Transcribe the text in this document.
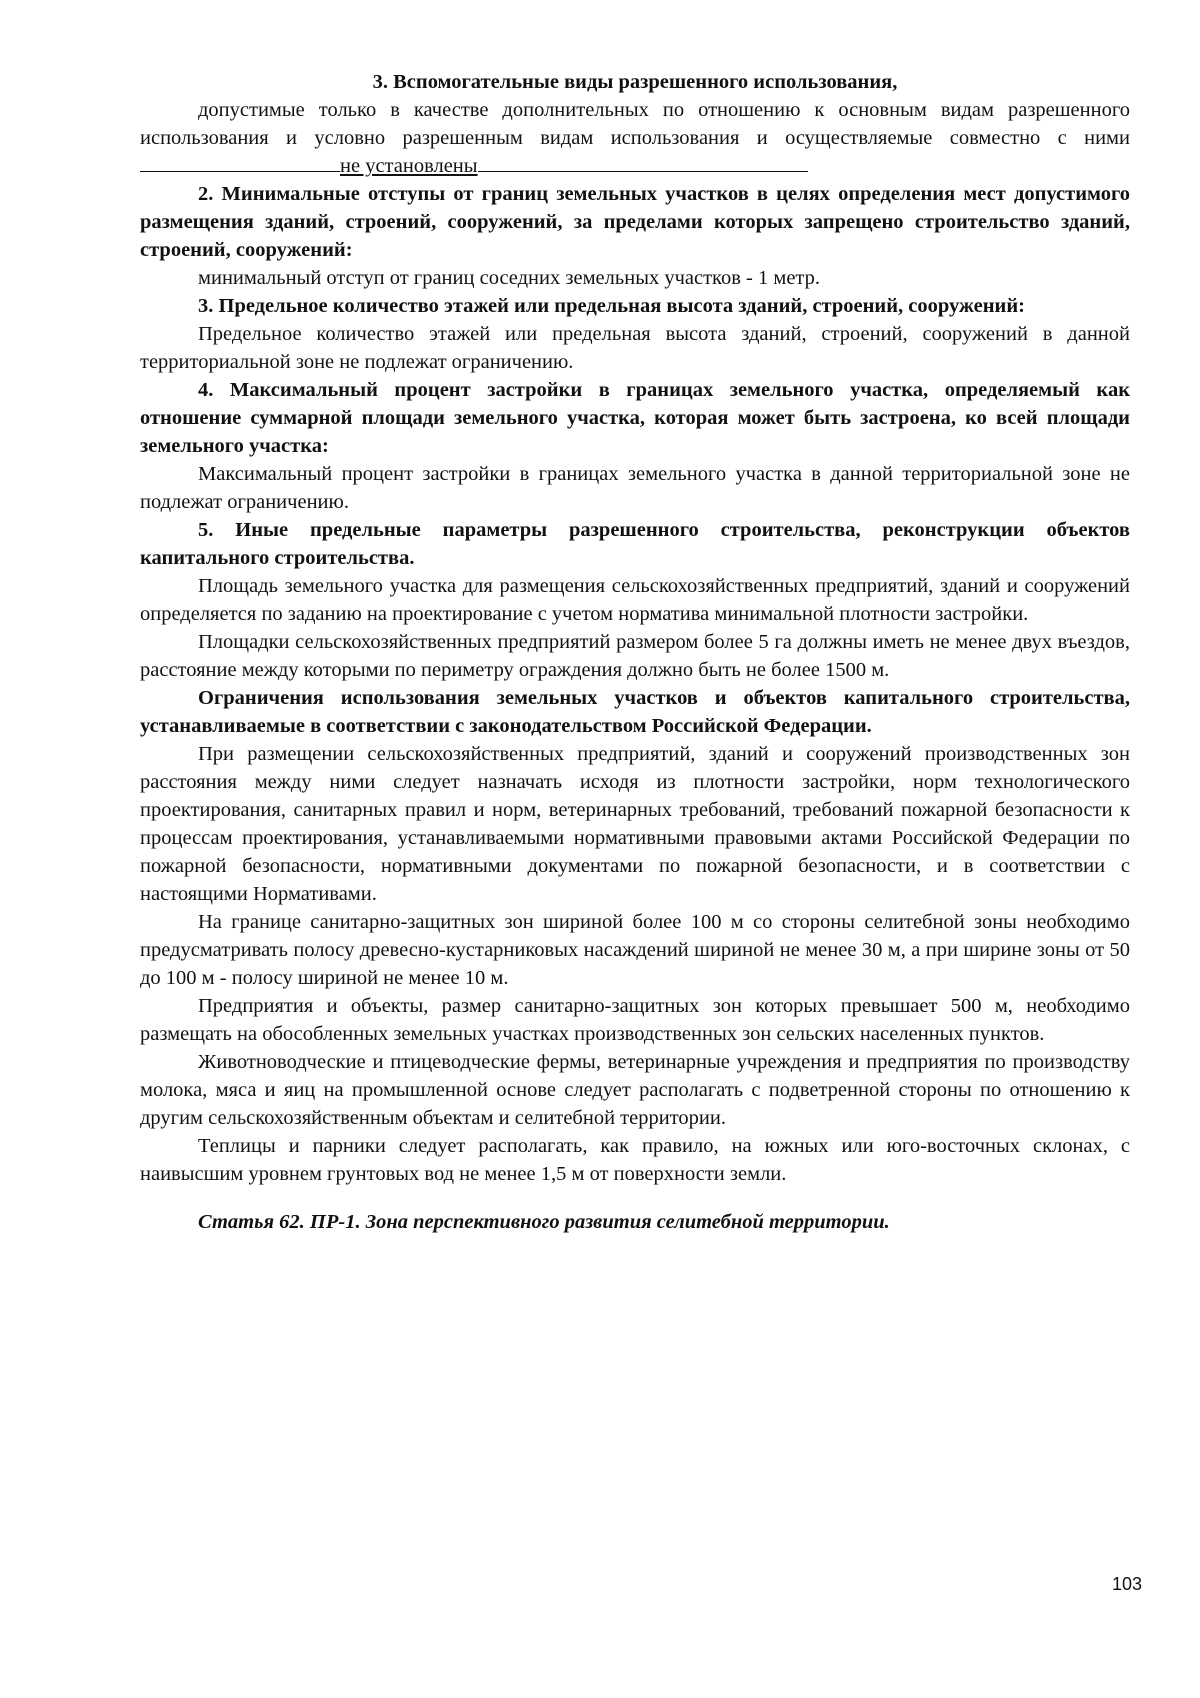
3. Вспомогательные виды разрешенного использования,

допустимые только в качестве дополнительных по отношению к основным видам разрешенного использования и условно разрешенным видам использования и осуществляемые совместно с ними не установлены

2. Минимальные отступы от границ земельных участков в целях определения мест допустимого размещения зданий, строений, сооружений, за пределами которых запрещено строительство зданий, строений, сооружений:

минимальный отступ от границ соседних земельных участков - 1 метр.

3. Предельное количество этажей или предельная высота зданий, строений, сооружений:

Предельное количество этажей или предельная высота зданий, строений, сооружений в данной территориальной зоне не подлежат ограничению.

4. Максимальный процент застройки в границах земельного участка, определяемый как отношение суммарной площади земельного участка, которая может быть застроена, ко всей площади земельного участка:

Максимальный процент застройки в границах земельного участка в данной территориальной зоне не подлежат ограничению.

5. Иные предельные параметры разрешенного строительства, реконструкции объектов капитального строительства.

Площадь земельного участка для размещения сельскохозяйственных предприятий, зданий и сооружений определяется по заданию на проектирование с учетом норматива минимальной плотности застройки.

Площадки сельскохозяйственных предприятий размером более 5 га должны иметь не менее двух въездов, расстояние между которыми по периметру ограждения должно быть не более 1500 м.

Ограничения использования земельных участков и объектов капитального строительства, устанавливаемые в соответствии с законодательством Российской Федерации.

При размещении сельскохозяйственных предприятий, зданий и сооружений производственных зон расстояния между ними следует назначать исходя из плотности застройки, норм технологического проектирования, санитарных правил и норм, ветеринарных требований, требований пожарной безопасности к процессам проектирования, устанавливаемыми нормативными правовыми актами Российской Федерации по пожарной безопасности, нормативными документами по пожарной безопасности, и в соответствии с настоящими Нормативами.

На границе санитарно-защитных зон шириной более 100 м со стороны селитебной зоны необходимо предусматривать полосу древесно-кустарниковых насаждений шириной не менее 30 м, а при ширине зоны от 50 до 100 м - полосу шириной не менее 10 м.

Предприятия и объекты, размер санитарно-защитных зон которых превышает 500 м, необходимо размещать на обособленных земельных участках производственных зон сельских населенных пунктов.

Животноводческие и птицеводческие фермы, ветеринарные учреждения и предприятия по производству молока, мяса и яиц на промышленной основе следует располагать с подветренной стороны по отношению к другим сельскохозяйственным объектам и селитебной территории.

Теплицы и парники следует располагать, как правило, на южных или юго-восточных склонах, с наивысшим уровнем грунтовых вод не менее 1,5 м от поверхности земли.

Статья 62. ПР-1. Зона перспективного развития селитебной территории.

103
